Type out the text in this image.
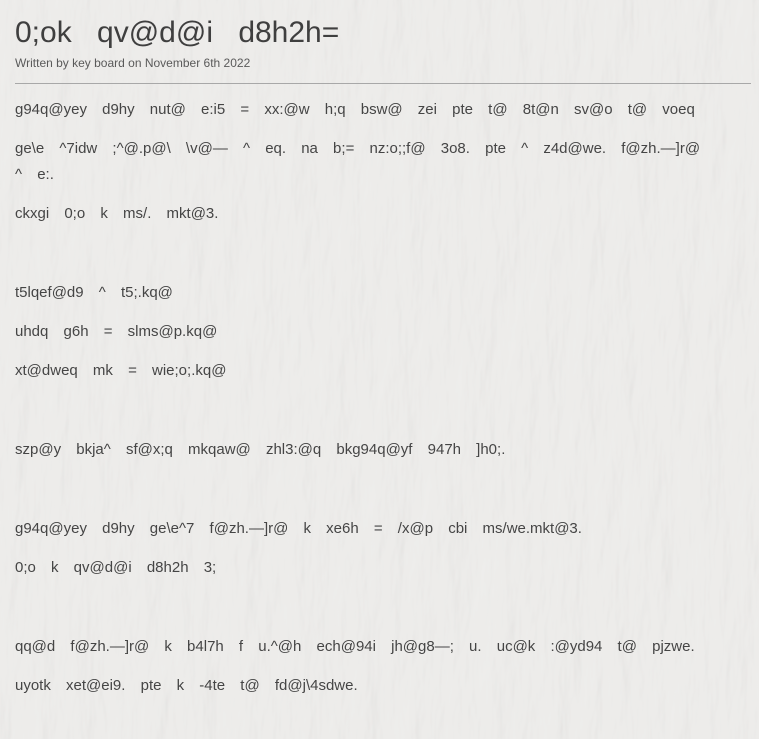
0;ok qv@d@i d8h2h=
Written by key board on November 6th 2022
g94q@yey d9hy nut@ e:i5 = xx:@w h;q bsw@ zei pte t@ 8t@n sv@o t@ voeq
ge\e ^7idw ;^@.p@\ \v@— ^ eq. na b;= nz:o;;f@ 3o8. pte ^ z4d@we. f@zh.—]r@
^ e:.
ckxgi 0;o k ms/. mkt@3.
t5lqef@d9 ^ t5;.kq@
uhdq g6h = slms@p.kq@
xt@dweq mk = wie;o;.kq@
szp@y bkja^ sf@x;q mkqaw@ zhl3:@q bkg94q@yf 947h ]h0;.
g94q@yey d9hy ge\e^7 f@zh.—]r@ k xe6h = /x@p cbi ms/we.mkt@3.
0;o k qv@d@i d8h2h 3;
qq@d f@zh.—]r@ k b4l7h f u.^@h ech@94i jh@g8—; u. uc@k :@yd94 t@ pjzwe.
uyotk xet@ei9. pte k -4te t@ fd@j\4sdwe.
